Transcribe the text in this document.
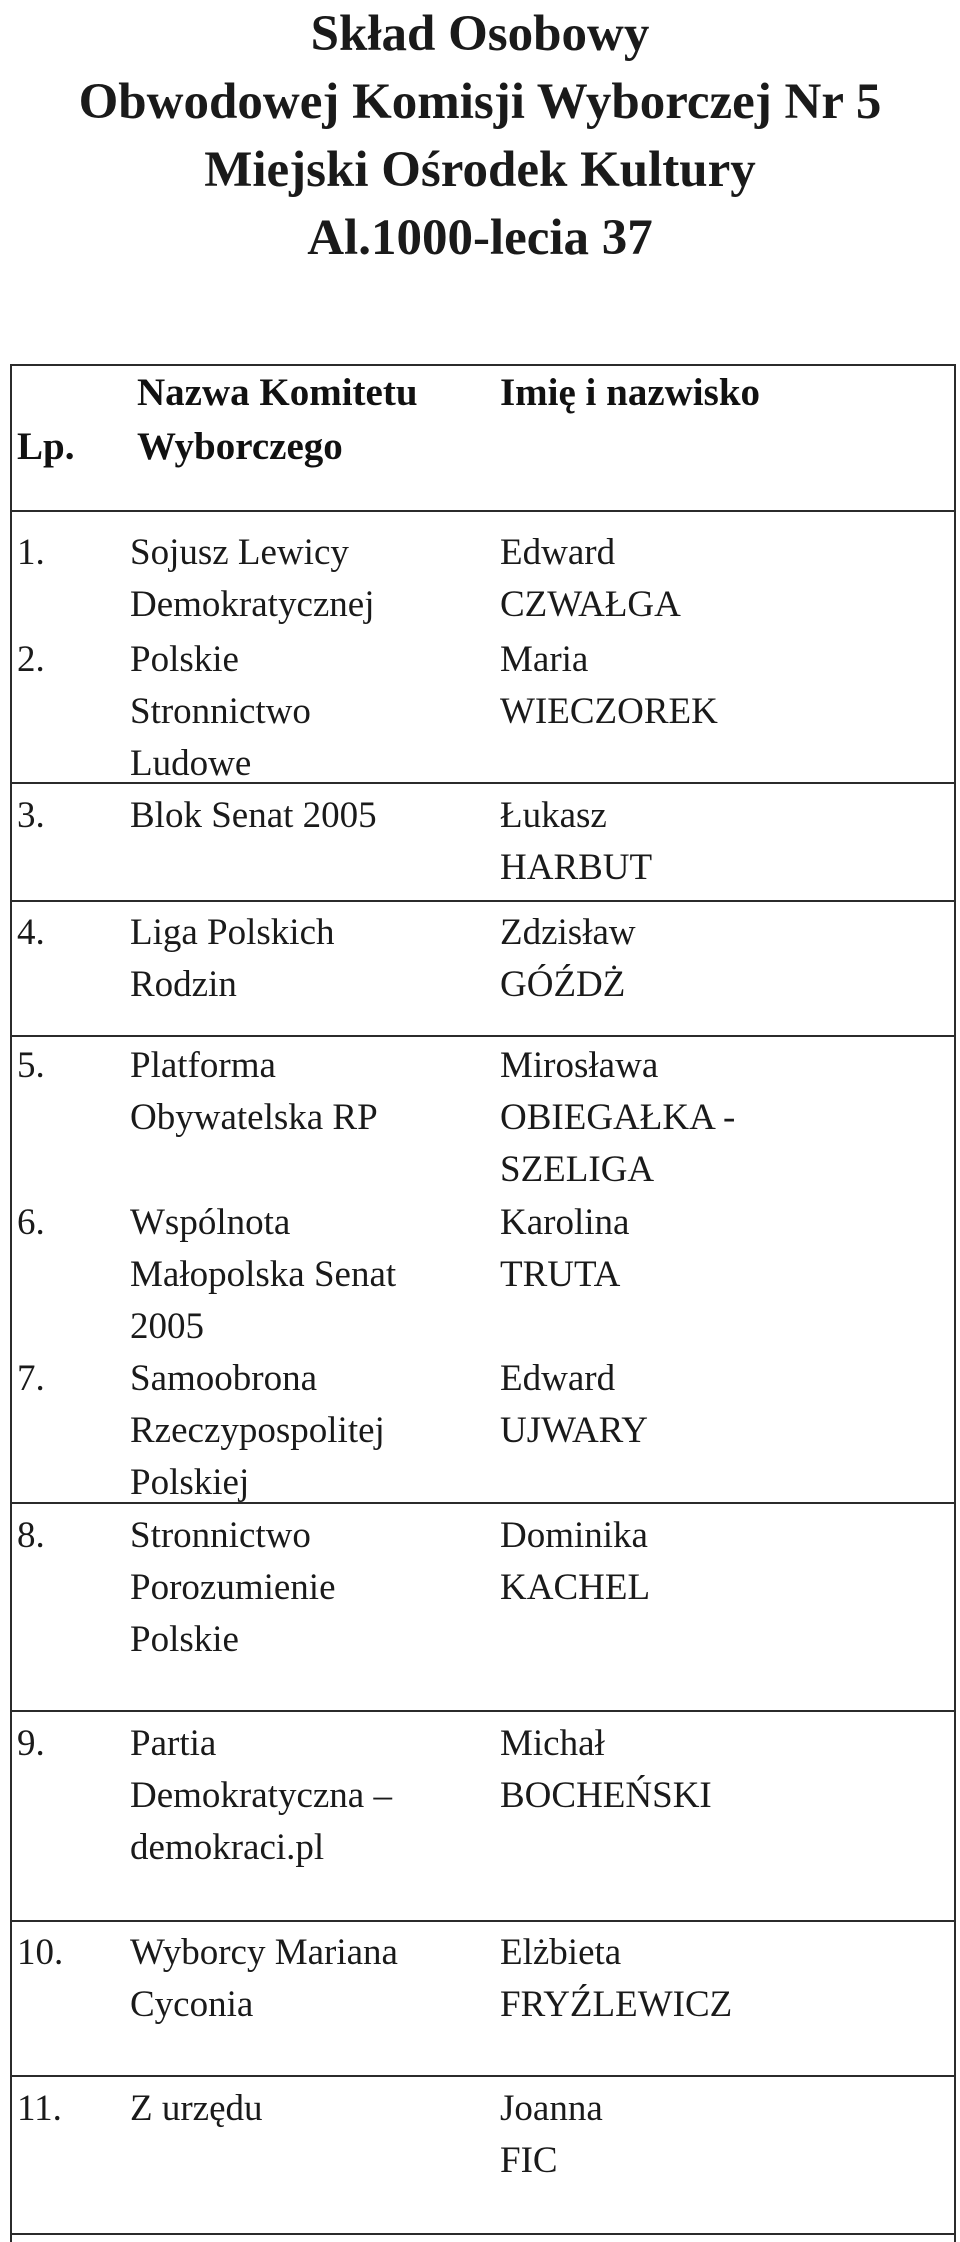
Skład Osobowy
Obwodowej Komisji Wyborczej Nr 5
Miejski Ośrodek Kultury
Al.1000-lecia 37
Lp.
Nazwa Komitetu
Wyborczego
Imię i nazwisko
1. Sojusz Lewicy
Demokratycznej
Edward
CZWAŁGA
2. Polskie
Stronnictwo
Ludowe
Maria
WIECZOREK
3. Blok Senat 2005	Łukasz
HARBUT
4. Liga Polskich
Rodzin
Zdzisław
GÓŹDŻ
5. Platforma
Obywatelska RP
Mirosława
OBIEGAŁKA -
SZELIGA
6. Wspólnota
Małopolska Senat
2005
Karolina
TRUTA
7. Samoobrona
Rzeczypospolitej
Polskiej
Edward
UJWARY
8. Stronnictwo
Porozumienie
Polskie
Dominika
KACHEL
9. Partia
Demokratyczna –
demokraci.pl
Michał
BOCHEŃSKI
10. Wyborcy Mariana
Cyconia
Elżbieta
FRYŹLEWICZ
11. Z urzędu	Joanna
FIC
